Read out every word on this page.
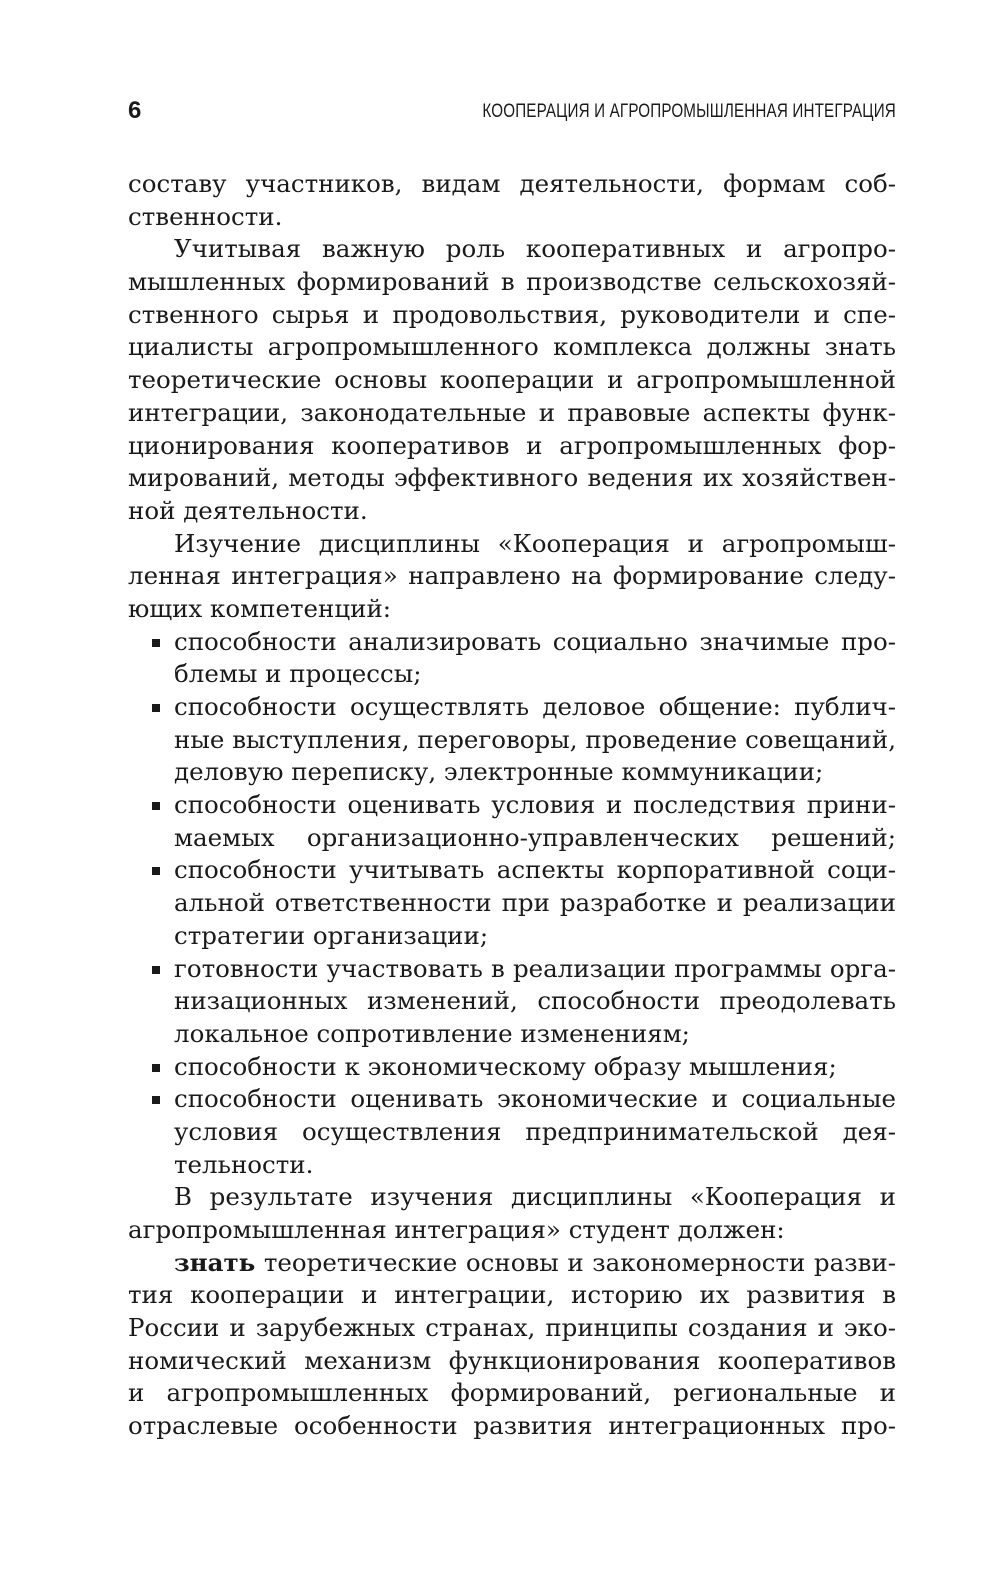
6	КООПЕРАЦИЯ И АГРОПРОМЫШЛЕННАЯ ИНТЕГРАЦИЯ
составу участников, видам деятельности, формам соб-
ственности.
Учитывая важную роль кооперативных и агропро-
мышленных формирований в производстве сельскохозяй-
ственного сырья и продовольствия, руководители и спе-
циалисты агропромышленного комплекса должны знать
теоретические основы кооперации и агропромышленной
интеграции, законодательные и правовые аспекты функ-
ционирования кооперативов и агропромышленных фор-
мирований, методы эффективного ведения их хозяйствен-
ной деятельности.
Изучение дисциплины «Кооперация и агропромыш-
ленная интеграция» направлено на формирование следу-
ющих компетенций:
способности анализировать социально значимые про-
блемы и процессы;
способности осуществлять деловое общение: публич-
ные выступления, переговоры, проведение совещаний,
деловую переписку, электронные коммуникации;
способности оценивать условия и последствия прини-
маемых организационно-управленческих решений;
способности учитывать аспекты корпоративной соци-
альной ответственности при разработке и реализации
стратегии организации;
готовности участвовать в реализации программы орга-
низационных изменений, способности преодолевать
локальное сопротивление изменениям;
способности к экономическому образу мышления;
способности оценивать экономические и социальные
условия осуществления предпринимательской дея-
тельности.
В результате изучения дисциплины «Кооперация и
агропромышленная интеграция» студент должен:
знать теоретические основы и закономерности разви-
тия кооперации и интеграции, историю их развития в
России и зарубежных странах, принципы создания и эко-
номический механизм функционирования кооперативов
и агропромышленных формирований, региональные и
отраслевые особенности развития интеграционных про-
